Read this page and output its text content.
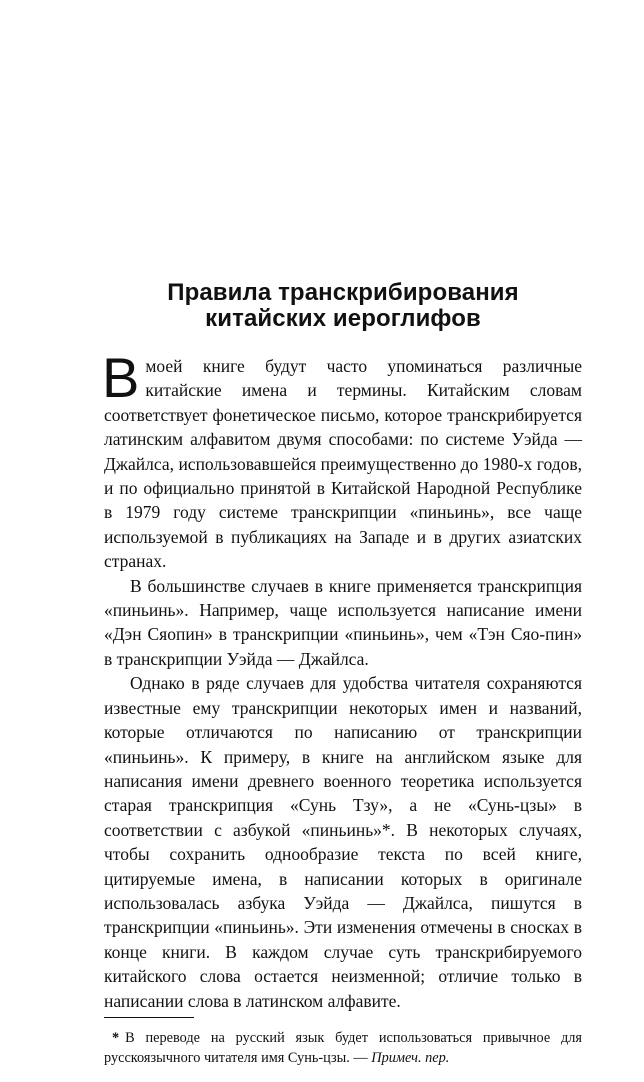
Правила транскрибирования
китайских иероглифов

Вмоей книге будут часто упоминаться различные китайские имена и термины. Китайским словам соответствует фонетическое письмо, которое транскрибируется латинским алфавитом двумя способами: по системе Уэйда — Джайлса, использовавшейся преимущественно до 1980-х годов, и по официально принятой в Китайской Народной Республике в 1979 году системе транскрипции «пиньинь», все чаще используемой в публикациях на Западе и в других азиатских странах.

В большинстве случаев в книге применяется транскрипция «пиньинь». Например, чаще используется написание имени «Дэн Сяопин» в транскрипции «пиньинь», чем «Тэн Сяо-пин» в транскрипции Уэйда — Джайлса.

Однако в ряде случаев для удобства читателя сохраняются известные ему транскрипции некоторых имен и названий, которые отличаются по написанию от транскрипции «пиньинь». К примеру, в книге на английском языке для написания имени древнего военного теоретика используется старая транскрипция «Сунь Тзу», а не «Сунь-цзы» в соответствии с азбукой «пиньинь»*. В некоторых случаях, чтобы сохранить однообразие текста по всей книге, цитируемые имена, в написании которых в оригинале использовалась азбука Уэйда — Джайлса, пишутся в транскрипции «пиньинь». Эти изменения отмечены в сносках в конце книги. В каждом случае суть транскрибируемого китайского слова остается неизменной; отличие только в написании слова в латинском алфавите.

* В переводе на русский язык будет использоваться привычное для русскоязычного читателя имя Сунь-цзы. — Примеч. пер.
